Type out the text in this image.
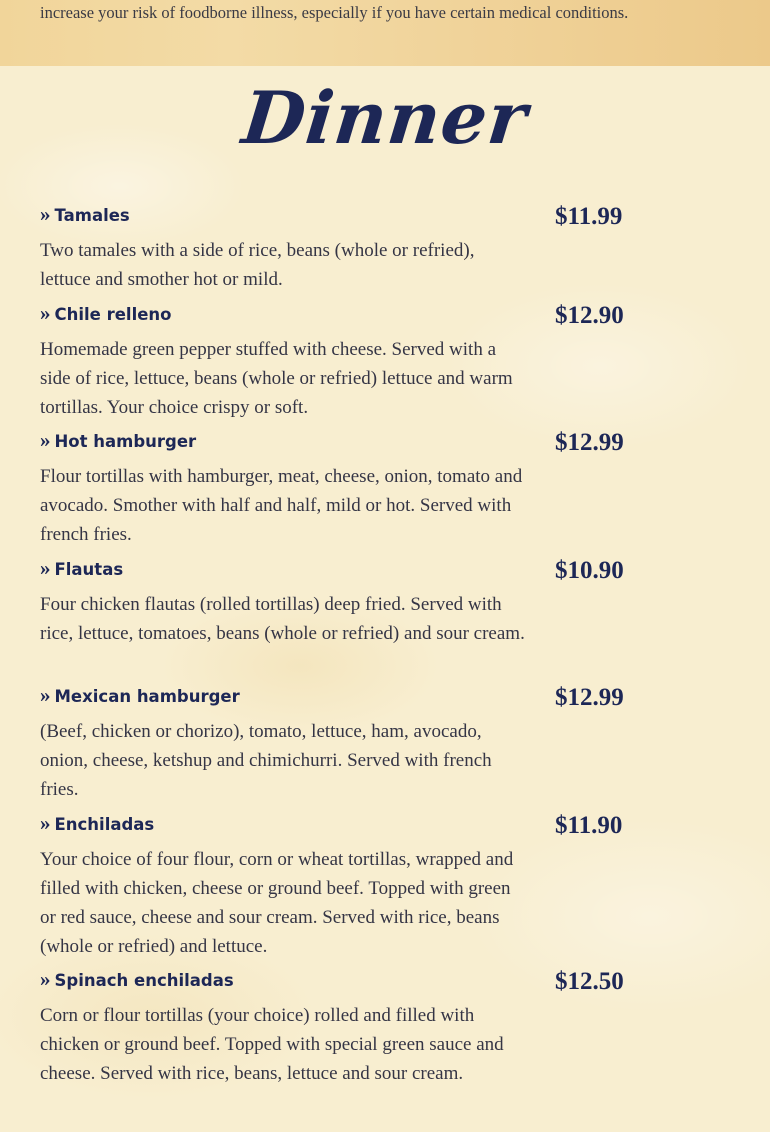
increase your risk of foodborne illness, especially if you have certain medical conditions.
Dinner
» Tamales	$11.99
Two tamales with a side of rice, beans (whole or refried), lettuce and smother hot or mild.
» Chile relleno	$12.90
Homemade green pepper stuffed with cheese. Served with a side of rice, lettuce, beans (whole or refried) lettuce and warm tortillas. Your choice crispy or soft.
» Hot hamburger	$12.99
Flour tortillas with hamburger, meat, cheese, onion, tomato and avocado. Smother with half and half, mild or hot. Served with french fries.
» Flautas	$10.90
Four chicken flautas (rolled tortillas) deep fried. Served with rice, lettuce, tomatoes, beans (whole or refried) and sour cream.
» Mexican hamburger	$12.99
(Beef, chicken or chorizo), tomato, lettuce, ham, avocado, onion, cheese, ketshup and chimichurri. Served with french fries.
» Enchiladas	$11.90
Your choice of four flour, corn or wheat tortillas, wrapped and filled with chicken, cheese or ground beef. Topped with green or red sauce, cheese and sour cream. Served with rice, beans (whole or refried) and lettuce.
» Spinach enchiladas	$12.50
Corn or flour tortillas (your choice) rolled and filled with chicken or ground beef. Topped with special green sauce and cheese. Served with rice, beans, lettuce and sour cream.
